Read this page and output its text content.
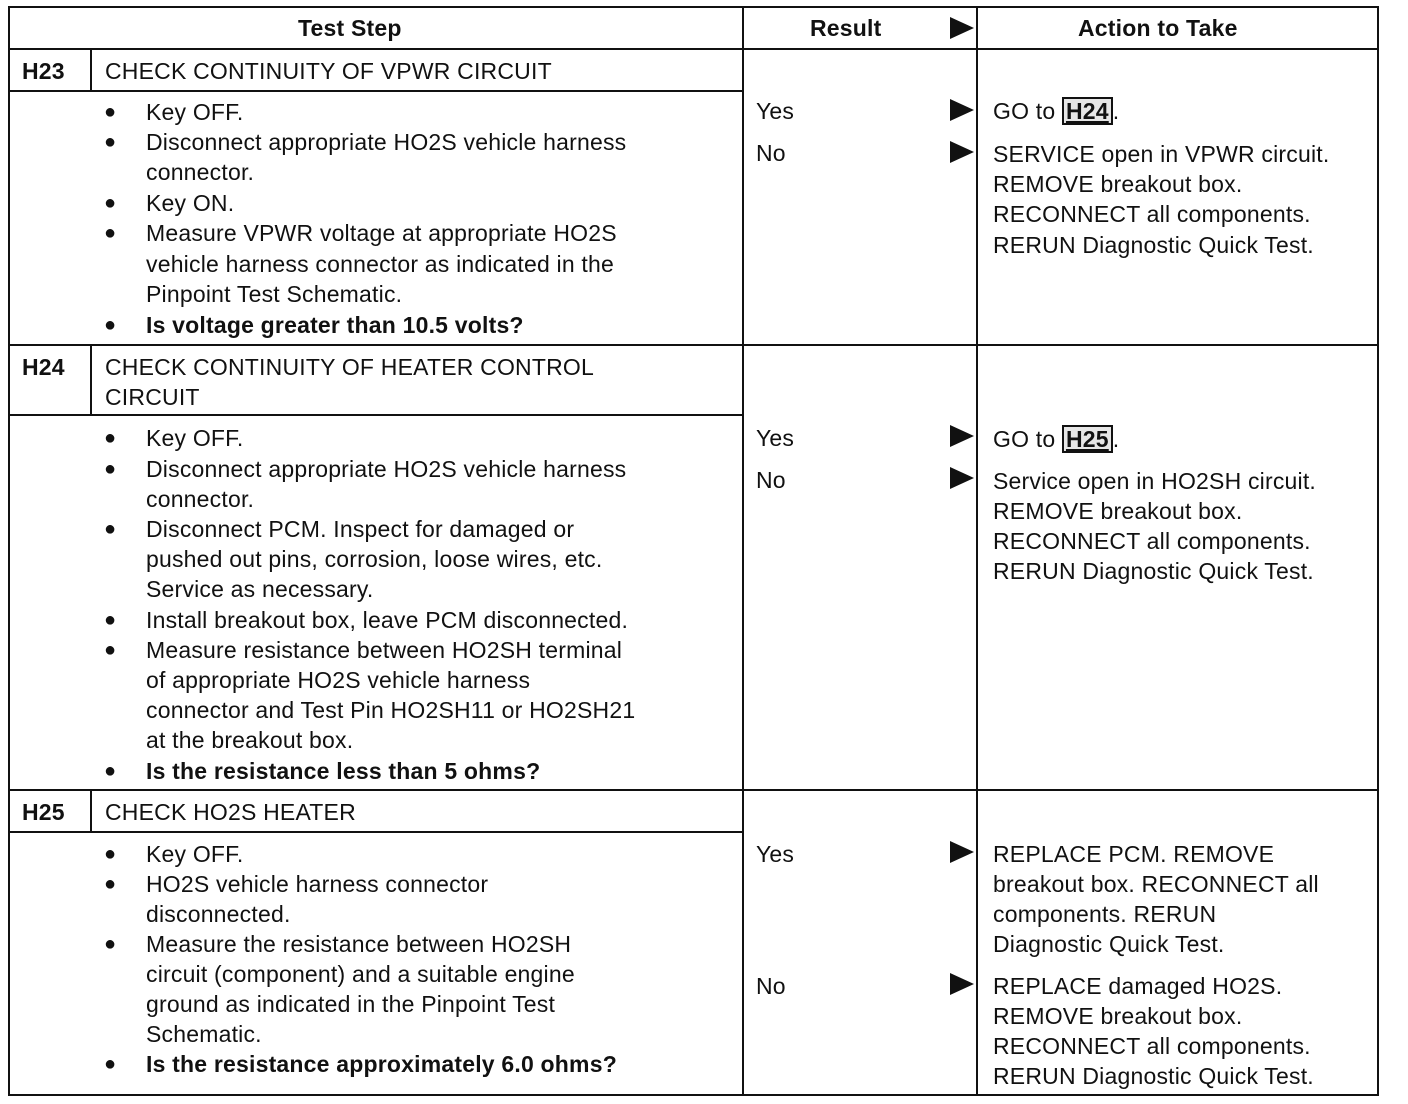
Test Step	Result	Action to Take
H23 CHECK CONTINUITY OF VPWR CIRCUIT
● Key OFF.
● Disconnect appropriate HO2S vehicle harness
connector.
● Key ON.
● Measure VPWR voltage at appropriate HO2S
vehicle harness connector as indicated in the
Pinpoint Test Schematic.
● Is voltage greater than 10.5 volts?
Yes	GO to H24 .
No	SERVICE open in VPWR circuit.
REMOVE breakout box.
RECONNECT all components.
RERUN Diagnostic Quick Test.
H24 CHECK CONTINUITY OF HEATER CONTROL
CIRCUIT
● Key OFF.
● Disconnect appropriate HO2S vehicle harness
connector.
● Disconnect PCM. Inspect for damaged or
pushed out pins, corrosion, loose wires, etc.
Service as necessary.
● Install breakout box, leave PCM disconnected.
● Measure resistance between HO2SH terminal
of appropriate HO2S vehicle harness
connector and Test Pin HO2SH11 or HO2SH21
at the breakout box.
● Is the resistance less than 5 ohms?
Yes	GO to H25 .
No	Service open in HO2SH circuit.
REMOVE breakout box.
RECONNECT all components.
RERUN Diagnostic Quick Test.
H25 CHECK HO2S HEATER
● Key OFF.
● HO2S vehicle harness connector
disconnected.
● Measure the resistance between HO2SH
circuit (component) and a suitable engine
ground as indicated in the Pinpoint Test
Schematic.
● Is the resistance approximately 6.0 ohms?
Yes	REPLACE PCM. REMOVE
breakout box. RECONNECT all
components. RERUN
Diagnostic Quick Test.
No	REPLACE damaged HO2S.
REMOVE breakout box.
RECONNECT all components.
RERUN Diagnostic Quick Test.
